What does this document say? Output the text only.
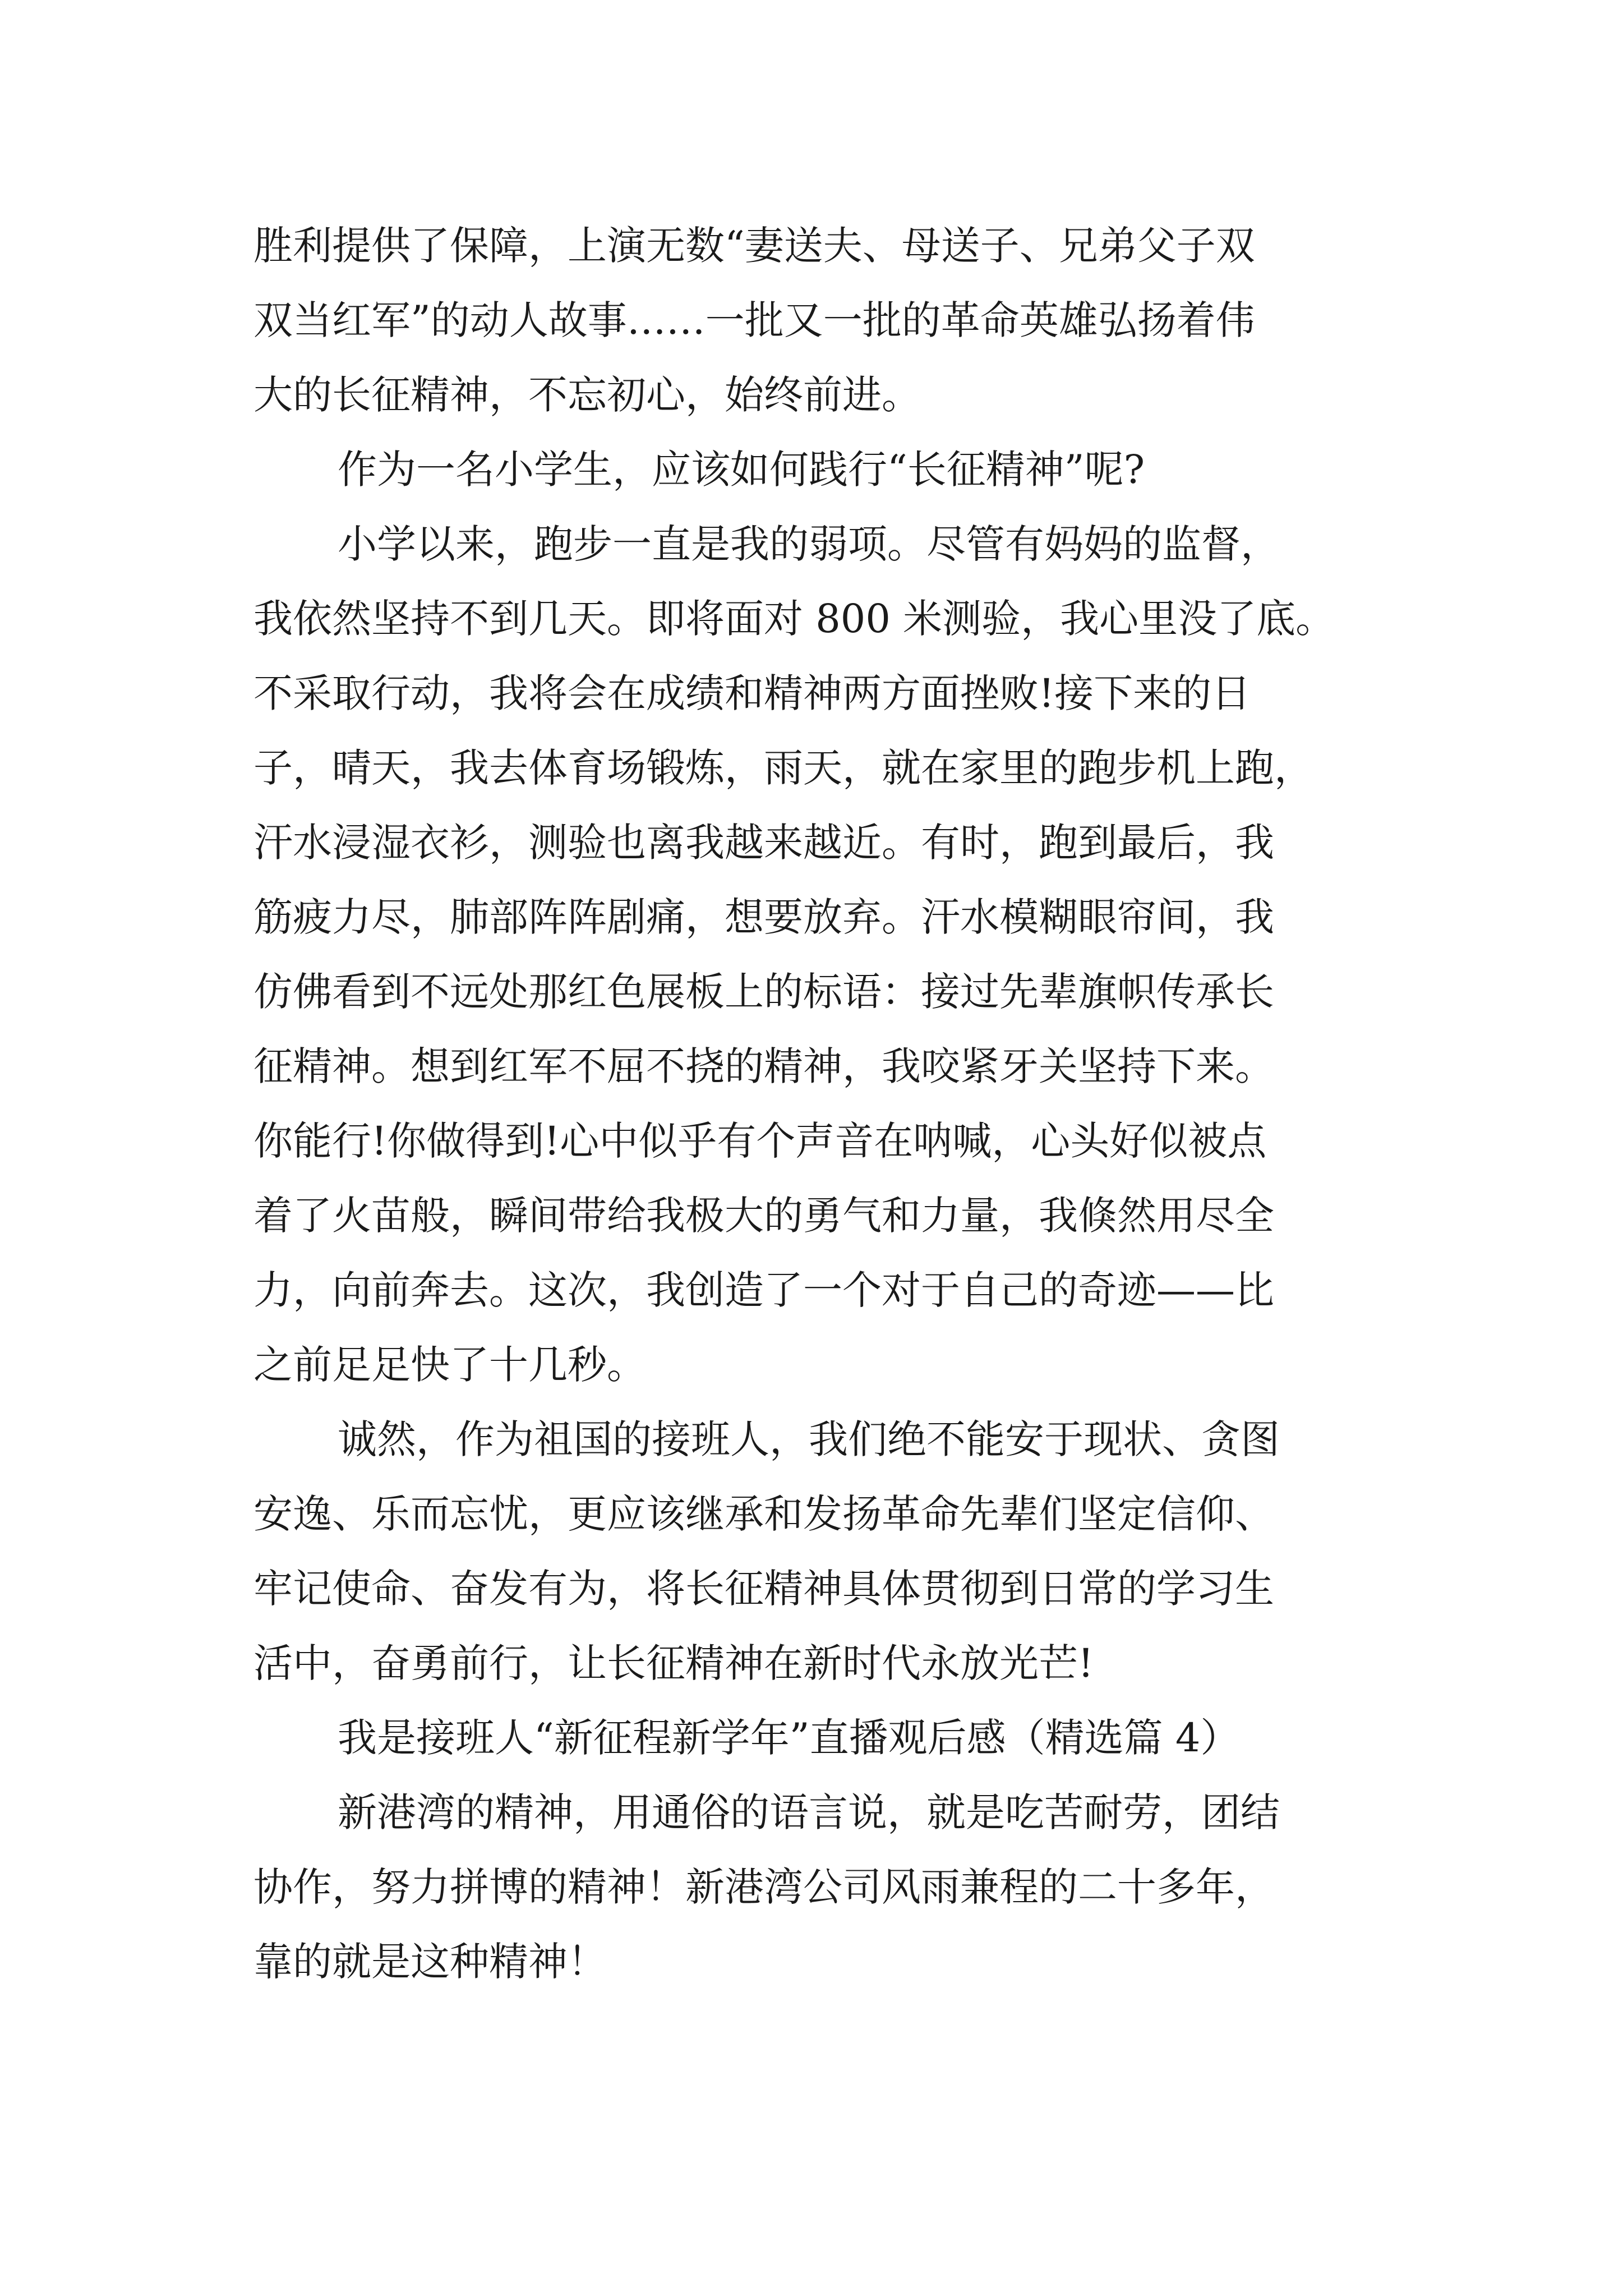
胜利提供了保障，上演无数“妻送夫、母送子、兄弟父子双
双当红军”的动人故事……一批又一批的革命英雄弘扬着伟
大的长征精神，不忘初心，始终前进。
作为一名小学生，应该如何践行“长征精神”呢?
小学以来，跑步一直是我的弱项。尽管有妈妈的监督，
我依然坚持不到几天。即将面对 800 米测验，我心里没了底。
不采取行动，我将会在成绩和精神两方面挫败!接下来的日
子，晴天，我去体育场锻炼，雨天，就在家里的跑步机上跑，
汗水浸湿衣衫，测验也离我越来越近。有时，跑到最后，我
筋疲力尽，肺部阵阵剧痛，想要放弃。汗水模糊眼帘间，我
仿佛看到不远处那红色展板上的标语：接过先辈旗帜传承长
征精神。想到红军不屈不挠的精神，我咬紧牙关坚持下来。
你能行!你做得到!心中似乎有个声音在呐喊，心头好似被点
着了火苗般，瞬间带给我极大的勇气和力量，我倏然用尽全
力，向前奔去。这次，我创造了一个对于自己的奇迹——比
之前足足快了十几秒。
诚然，作为祖国的接班人，我们绝不能安于现状、贪图
安逸、乐而忘忧，更应该继承和发扬革命先辈们坚定信仰、
牢记使命、奋发有为，将长征精神具体贯彻到日常的学习生
活中，奋勇前行，让长征精神在新时代永放光芒!
我是接班人“新征程新学年”直播观后感（精选篇 4）
新港湾的精神，用通俗的语言说，就是吃苦耐劳，团结
协作，努力拼博的精神！新港湾公司风雨兼程的二十多年，
靠的就是这种精神！
